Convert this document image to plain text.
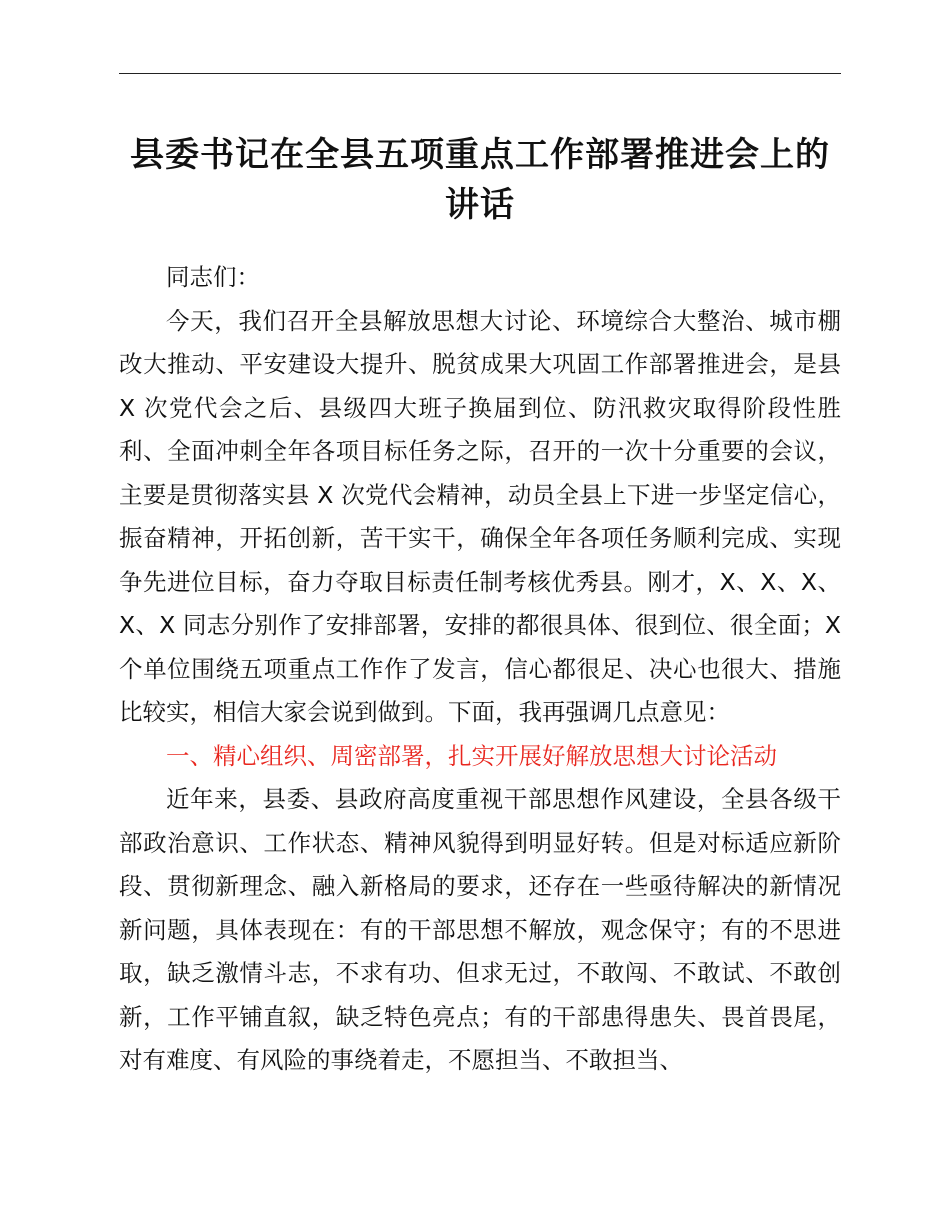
县委书记在全县五项重点工作部署推进会上的讲话

同志们：

今天，我们召开全县解放思想大讨论、环境综合大整治、城市棚改大推动、平安建设大提升、脱贫成果大巩固工作部署推进会，是县 X 次党代会之后、县级四大班子换届到位、防汛救灾取得阶段性胜利、全面冲刺全年各项目标任务之际，召开的一次十分重要的会议，主要是贯彻落实县 X 次党代会精神，动员全县上下进一步坚定信心，振奋精神，开拓创新，苦干实干，确保全年各项任务顺利完成、实现争先进位目标，奋力夺取目标责任制考核优秀县。刚才，X、X、X、X、X 同志分别作了安排部署，安排的都很具体、很到位、很全面；X 个单位围绕五项重点工作作了发言，信心都很足、决心也很大、措施比较实，相信大家会说到做到。下面，我再强调几点意见：

一、精心组织、周密部署，扎实开展好解放思想大讨论活动

近年来，县委、县政府高度重视干部思想作风建设，全县各级干部政治意识、工作状态、精神风貌得到明显好转。但是对标适应新阶段、贯彻新理念、融入新格局的要求，还存在一些亟待解决的新情况新问题，具体表现在：有的干部思想不解放，观念保守；有的不思进取，缺乏激情斗志，不求有功、但求无过，不敢闯、不敢试、不敢创新，工作平铺直叙，缺乏特色亮点；有的干部患得患失、畏首畏尾，对有难度、有风险的事绕着走，不愿担当、不敢担当、
